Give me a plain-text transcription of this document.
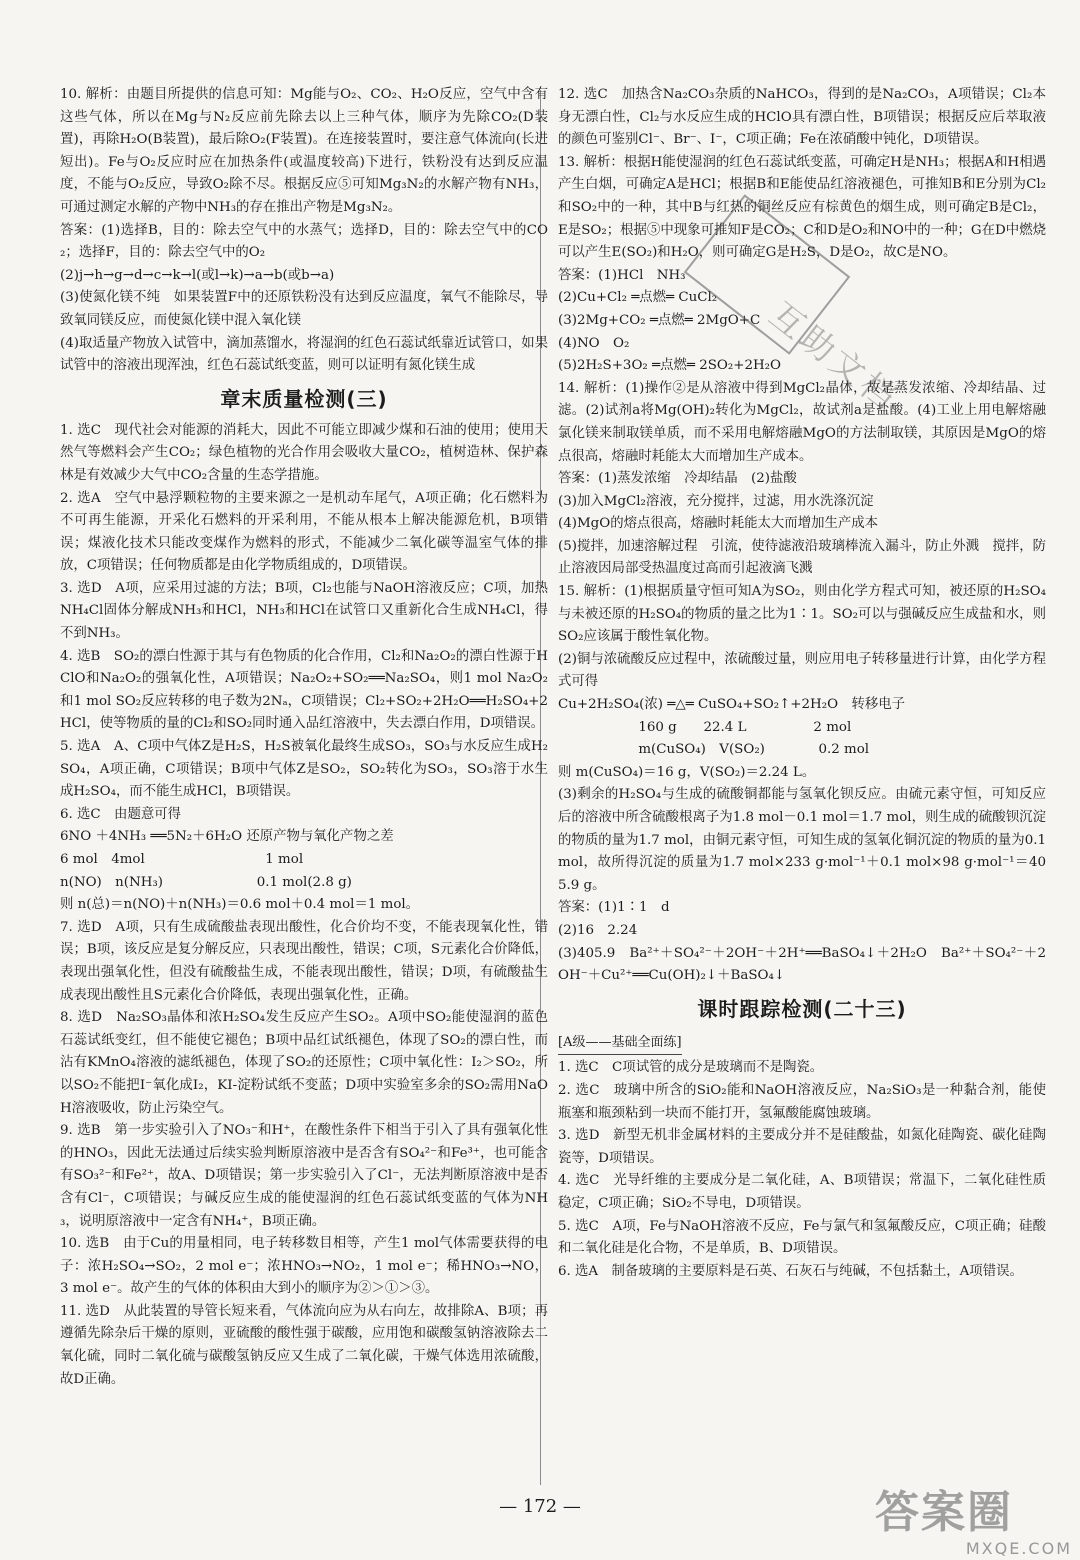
10. 解析：由题目所提供的信息可知：Mg能与O₂、CO₂、H₂O反应，空气中含有这些气体，所以在Mg与N₂反应前先除去以上三种气体，顺序为先除CO₂(D装置)，再除H₂O(B装置)，最后除O₂(F装置)。在连接装置时，要注意气体流向(长进短出)。Fe与O₂反应时应在加热条件(或温度较高)下进行，铁粉没有达到反应温度，不能与O₂反应，导致O₂除不尽。根据反应⑤可知Mg₃N₂的水解产物有NH₃，可通过测定水解的产物中NH₃的存在推出产物是Mg₃N₂。

答案：(1)选择B，目的：除去空气中的水蒸气；选择D，目的：除去空气中的CO₂；选择F，目的：除去空气中的O₂

(2)j→h→g→d→c→k→l(或l→k)→a→b(或b→a)

(3)使氮化镁不纯　如果装置F中的还原铁粉没有达到反应温度，氧气不能除尽，导致氧同镁反应，而使氮化镁中混入氧化镁

(4)取适量产物放入试管中，滴加蒸馏水，将湿润的红色石蕊试纸靠近试管口，如果试管中的溶液出现浑浊，红色石蕊试纸变蓝，则可以证明有氮化镁生成

章末质量检测(三)

1. 选C　现代社会对能源的消耗大，因此不可能立即减少煤和石油的使用；使用天然气等燃料会产生CO₂；绿色植物的光合作用会吸收大量CO₂，植树造林、保护森林是有效减少大气中CO₂含量的生态学措施。

2. 选A　空气中悬浮颗粒物的主要来源之一是机动车尾气，A项正确；化石燃料为不可再生能源，开采化石燃料的开采利用，不能从根本上解决能源危机，B项错误；煤液化技术只能改变煤作为燃料的形式，不能减少二氧化碳等温室气体的排放，C项错误；任何物质都是由化学物质组成的，D项错误。

3. 选D　A项，应采用过滤的方法；B项，Cl₂也能与NaOH溶液反应；C项，加热NH₄Cl固体分解成NH₃和HCl，NH₃和HCl在试管口又重新化合生成NH₄Cl，得不到NH₃。

4. 选B　SO₂的漂白性源于其与有色物质的化合作用，Cl₂和Na₂O₂的漂白性源于HClO和Na₂O₂的强氧化性，A项错误；Na₂O₂+SO₂══Na₂SO₄，则1 mol Na₂O₂和1 mol SO₂反应转移的电子数为2Nₐ，C项错误；Cl₂+SO₂+2H₂O══H₂SO₄+2HCl，使等物质的量的Cl₂和SO₂同时通入品红溶液中，失去漂白作用，D项错误。

5. 选A　A、C项中气体Z是H₂S，H₂S被氧化最终生成SO₃，SO₃与水反应生成H₂SO₄，A项正确，C项错误；B项中气体Z是SO₂，SO₂转化为SO₃，SO₃溶于水生成H₂SO₄，而不能生成HCl，B项错误。

6. 选C　由题意可得

6NO ＋4NH₃ ══5N₂＋6H₂O 还原产物与氧化产物之差

6 mol　4mol　　　　　　　　　1 mol

n(NO)　n(NH₃)　　　　　　　0.1 mol(2.8 g)

则 n(总)＝n(NO)＋n(NH₃)＝0.6 mol＋0.4 mol＝1 mol。

7. 选D　A项，只有生成硫酸盐表现出酸性，化合价均不变，不能表现氧化性，错误；B项，该反应是复分解反应，只表现出酸性，错误；C项，S元素化合价降低，表现出强氧化性，但没有硫酸盐生成，不能表现出酸性，错误；D项，有硫酸盐生成表现出酸性且S元素化合价降低，表现出强氧化性，正确。

8. 选D　Na₂SO₃晶体和浓H₂SO₄发生反应产生SO₂。A项中SO₂能使湿润的蓝色石蕊试纸变红，但不能使它褪色；B项中品红试纸褪色，体现了SO₂的漂白性，而沾有KMnO₄溶液的滤纸褪色，体现了SO₂的还原性；C项中氧化性：I₂＞SO₂，所以SO₂不能把I⁻氧化成I₂，KI-淀粉试纸不变蓝；D项中实验室多余的SO₂需用NaOH溶液吸收，防止污染空气。

9. 选B　第一步实验引入了NO₃⁻和H⁺，在酸性条件下相当于引入了具有强氧化性的HNO₃，因此无法通过后续实验判断原溶液中是否含有SO₄²⁻和Fe³⁺，也可能含有SO₃²⁻和Fe²⁺，故A、D项错误；第一步实验引入了Cl⁻，无法判断原溶液中是否含有Cl⁻，C项错误；与碱反应生成的能使湿润的红色石蕊试纸变蓝的气体为NH₃，说明原溶液中一定含有NH₄⁺，B项正确。

10. 选B　由于Cu的用量相同，电子转移数目相等，产生1 mol气体需要获得的电子：浓H₂SO₄→SO₂，2 mol e⁻；浓HNO₃→NO₂，1 mol e⁻；稀HNO₃→NO，3 mol e⁻。故产生的气体的体积由大到小的顺序为②＞①＞③。

11. 选D　从此装置的导管长短来看，气体流向应为从右向左，故排除A、B项；再遵循先除杂后干燥的原则，亚硫酸的酸性强于碳酸，应用饱和碳酸氢钠溶液除去二氧化硫，同时二氧化硫与碳酸氢钠反应又生成了二氧化碳，干燥气体选用浓硫酸，故D正确。

12. 选C　加热含Na₂CO₃杂质的NaHCO₃，得到的是Na₂CO₃，A项错误；Cl₂本身无漂白性，Cl₂与水反应生成的HClO具有漂白性，B项错误；根据反应后萃取液的颜色可鉴别Cl⁻、Br⁻、I⁻，C项正确；Fe在浓硝酸中钝化，D项错误。

13. 解析：根据H能使湿润的红色石蕊试纸变蓝，可确定H是NH₃；根据A和H相遇产生白烟，可确定A是HCl；根据B和E能使品红溶液褪色，可推知B和E分别为Cl₂和SO₂中的一种，其中B与红热的铜丝反应有棕黄色的烟生成，则可确定B是Cl₂，E是SO₂；根据⑤中现象可推知F是CO₂；C和D是O₂和NO中的一种；G在D中燃烧可以产生E(SO₂)和H₂O，则可确定G是H₂S，D是O₂，故C是NO。

答案：(1)HCl　NH₃

(2)Cu+Cl₂ ═点燃═ CuCl₂

(3)2Mg+CO₂ ═点燃═ 2MgO+C

(4)NO　O₂

(5)2H₂S+3O₂ ═点燃═ 2SO₂+2H₂O

14. 解析：(1)操作②是从溶液中得到MgCl₂晶体，故是蒸发浓缩、冷却结晶、过滤。(2)试剂a将Mg(OH)₂转化为MgCl₂，故试剂a是盐酸。(4)工业上用电解熔融氯化镁来制取镁单质，而不采用电解熔融MgO的方法制取镁，其原因是MgO的熔点很高，熔融时耗能太大而增加生产成本。

答案：(1)蒸发浓缩　冷却结晶　(2)盐酸

(3)加入MgCl₂溶液，充分搅拌，过滤，用水洗涤沉淀

(4)MgO的熔点很高，熔融时耗能太大而增加生产成本

(5)搅拌，加速溶解过程　引流，使待滤液沿玻璃棒流入漏斗，防止外溅　搅拌，防止溶液因局部受热温度过高而引起液滴飞溅

15. 解析：(1)根据质量守恒可知A为SO₂，则由化学方程式可知，被还原的H₂SO₄与未被还原的H₂SO₄的物质的量之比为1∶1。SO₂可以与强碱反应生成盐和水，则SO₂应该属于酸性氧化物。

(2)铜与浓硫酸反应过程中，浓硫酸过量，则应用电子转移量进行计算，由化学方程式可得

Cu+2H₂SO₄(浓) ═△═ CuSO₄+SO₂↑+2H₂O　转移电子

　　　　　　160 g　　22.4 L　　　　　2 mol

　　　　　　m(CuSO₄)　V(SO₂)　　　　0.2 mol

则 m(CuSO₄)＝16 g，V(SO₂)＝2.24 L。

(3)剩余的H₂SO₄与生成的硫酸铜都能与氢氧化钡反应。由硫元素守恒，可知反应后的溶液中所含硫酸根离子为1.8 mol－0.1 mol＝1.7 mol，则生成的硫酸钡沉淀的物质的量为1.7 mol，由铜元素守恒，可知生成的氢氧化铜沉淀的物质的量为0.1 mol，故所得沉淀的质量为1.7 mol×233 g·mol⁻¹＋0.1 mol×98 g·mol⁻¹＝405.9 g。

答案：(1)1∶1　d

(2)16　2.24

(3)405.9　Ba²⁺＋SO₄²⁻＋2OH⁻＋2H⁺══BaSO₄↓＋2H₂O　Ba²⁺＋SO₄²⁻＋2OH⁻＋Cu²⁺══Cu(OH)₂↓＋BaSO₄↓

课时跟踪检测(二十三)
[A级——基础全面练]

1. 选C　C项试管的成分是玻璃而不是陶瓷。

2. 选C　玻璃中所含的SiO₂能和NaOH溶液反应，Na₂SiO₃是一种黏合剂，能使瓶塞和瓶颈粘到一块而不能打开，氢氟酸能腐蚀玻璃。

3. 选D　新型无机非金属材料的主要成分并不是硅酸盐，如氮化硅陶瓷、碳化硅陶瓷等，D项错误。

4. 选C　光导纤维的主要成分是二氧化硅，A、B项错误；常温下，二氧化硅性质稳定，C项正确；SiO₂不导电，D项错误。

5. 选C　A项，Fe与NaOH溶液不反应，Fe与氯气和氢氟酸反应，C项正确；硅酸和二氧化硅是化合物，不是单质，B、D项错误。

6. 选A　制备玻璃的主要原料是石英、石灰石与纯碱，不包括黏土，A项错误。

互助文档
— 172 —	答案圈
MXQE.COM
